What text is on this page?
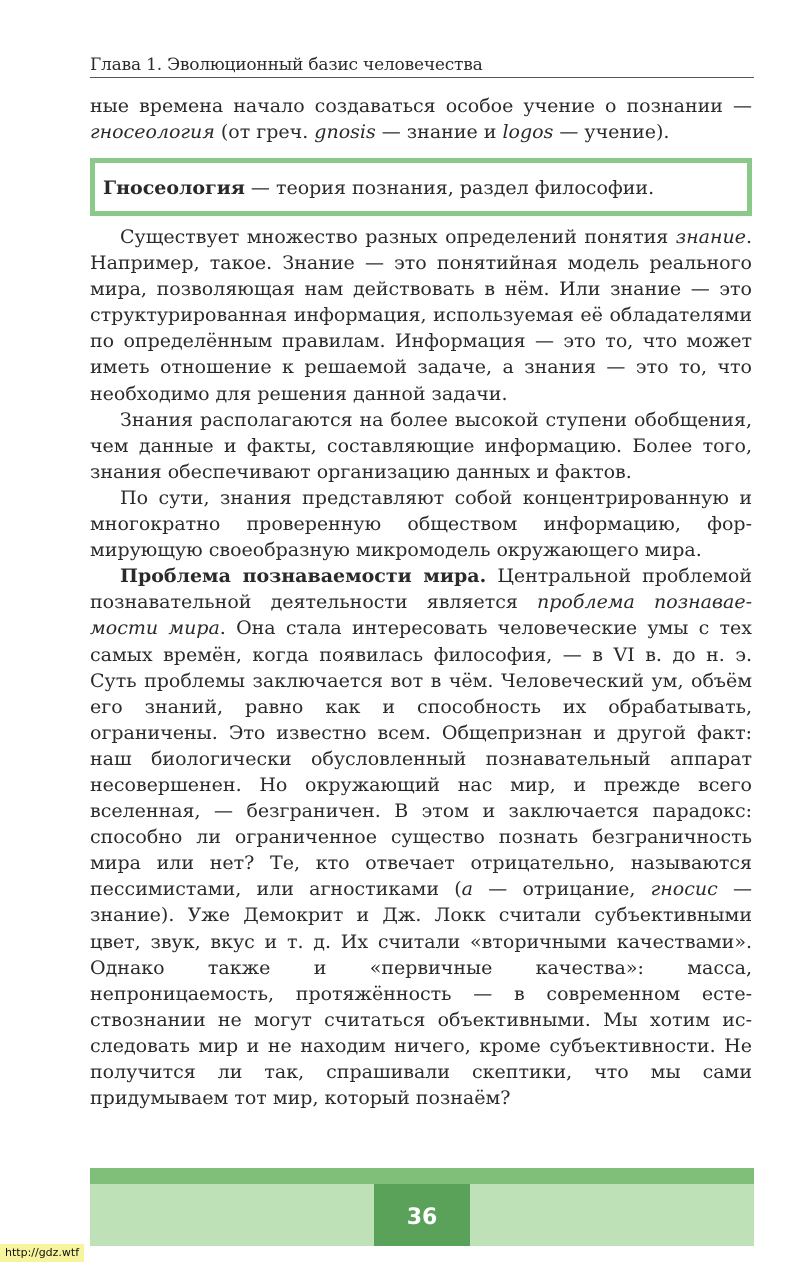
Глава 1. Эволюционный базис человечества

ные времена начало создаваться особое учение о познании — гносеология (от греч. gnosis — знание и logos — учение).

Гносеология — теория познания, раздел философии.

Существует множество разных определений понятия знание. Например, такое. Знание — это понятийная модель реального мира, позволяющая нам действовать в нём. Или знание — это структурированная информация, используемая её обладателями по определённым правилам. Информация — это то, что может иметь отношение к решаемой задаче, а знания — это то, что необходимо для решения данной задачи.

Знания располагаются на более высокой ступени обобщения, чем данные и факты, составляющие информацию. Более того, знания обеспечивают организацию данных и фактов.

По сути, знания представляют собой концентрированную и многократно проверенную обществом информацию, формирующую своеобразную микромодель окружающего мира.

Проблема познаваемости мира. Центральной проблемой познавательной деятельности является проблема познаваемости мира. Она стала интересовать человеческие умы с тех самых времён, когда появилась философия, — в VI в. до н. э. Суть проблемы заключается вот в чём. Человеческий ум, объём его знаний, равно как и способность их обрабатывать, ограничены. Это известно всем. Общепризнан и другой факт: наш биологически обусловленный познавательный аппарат несовершенен. Но окружающий нас мир, и прежде всего вселенная, — безграничен. В этом и заключается парадокс: способно ли ограниченное существо познать безграничность мира или нет? Те, кто отвечает отрицательно, называются пессимистами, или агностиками (а — отрицание, гносис — знание). Уже Демокрит и Дж. Локк считали субъективными цвет, звук, вкус и т. д. Их считали «вторичными качествами». Однако также и «первичные качества»: масса, непроницаемость, протяжённость — в современном естествознании не могут считаться объективными. Мы хотим исследовать мир и не находим ничего, кроме субъективности. Не получится ли так, спрашивали скептики, что мы сами придумываем тот мир, который познаём?

36
http://gdz.wtf
